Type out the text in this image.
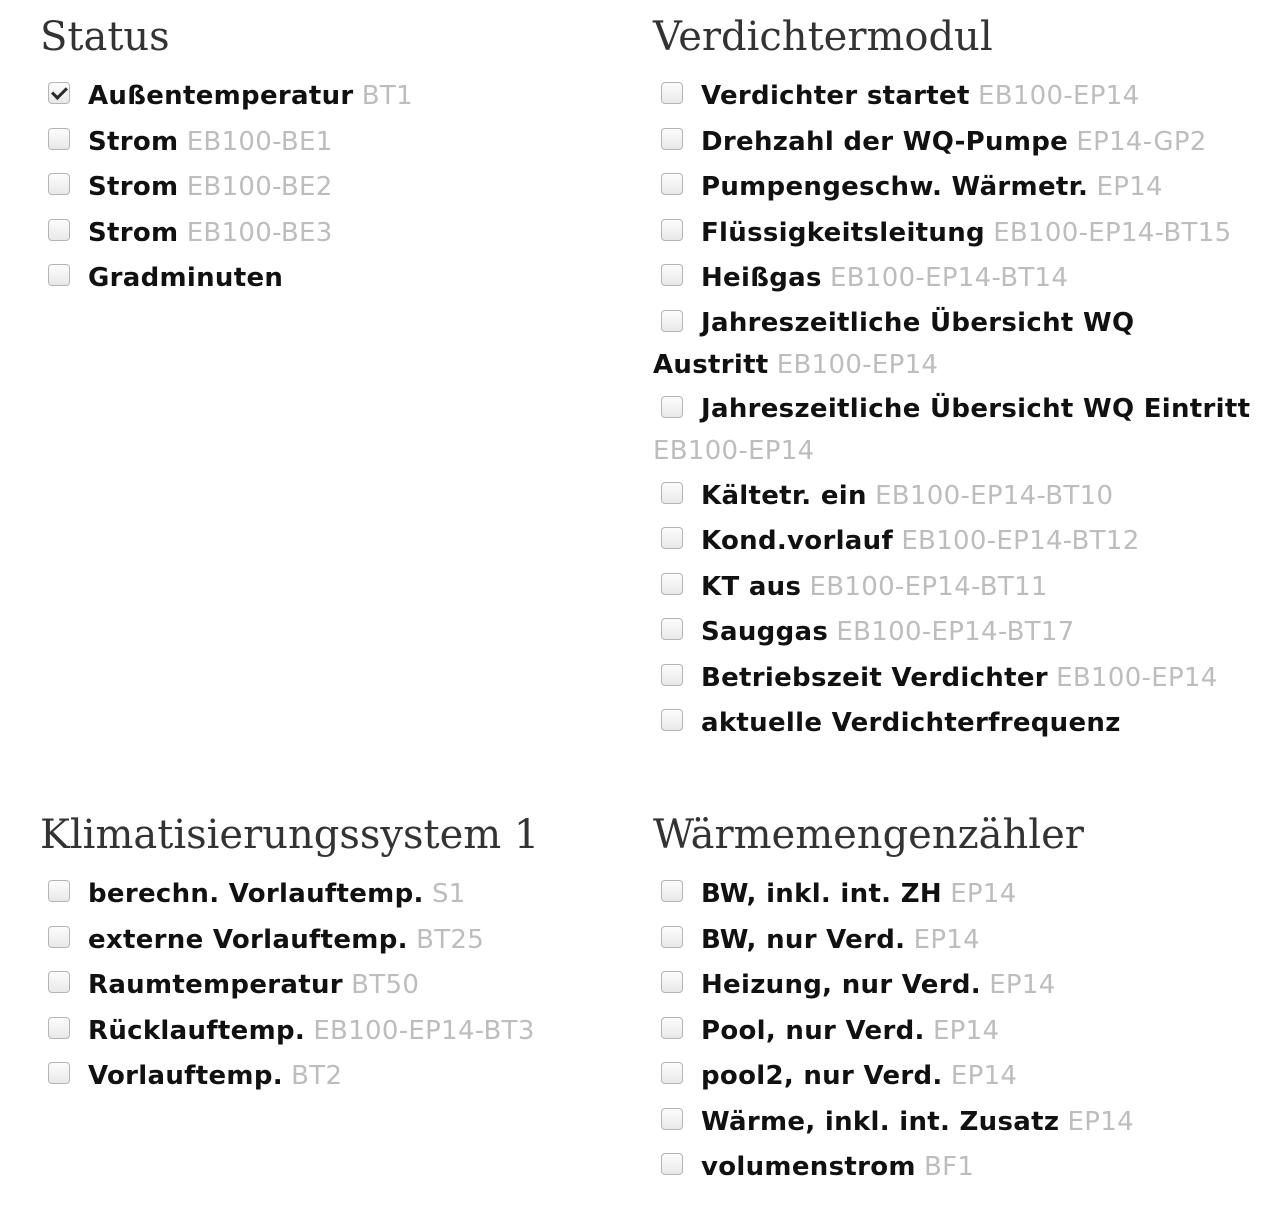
Status
Außentemperatur BT1
Strom EB100-BE1
Strom EB100-BE2
Strom EB100-BE3
Gradminuten
Verdichtermodul
Verdichter startet EB100-EP14
Drehzahl der WQ-Pumpe EP14-GP2
Pumpengeschw. Wärmetr. EP14
Flüssigkeitsleitung EB100-EP14-BT15
Heißgas EB100-EP14-BT14
Jahreszeitliche Übersicht WQ Austritt EB100-EP14
Jahreszeitliche Übersicht WQ Eintritt EB100-EP14
Kältetr. ein EB100-EP14-BT10
Kond.vorlauf EB100-EP14-BT12
KT aus EB100-EP14-BT11
Sauggas EB100-EP14-BT17
Betriebszeit Verdichter EB100-EP14
aktuelle Verdichterfrequenz
Klimatisierungssystem 1
berechn. Vorlauftemp. S1
externe Vorlauftemp. BT25
Raumtemperatur BT50
Rücklauftemp. EB100-EP14-BT3
Vorlauftemp. BT2
Wärmemengenzähler
BW, inkl. int. ZH EP14
BW, nur Verd. EP14
Heizung, nur Verd. EP14
Pool, nur Verd. EP14
pool2, nur Verd. EP14
Wärme, inkl. int. Zusatz EP14
volumenstrom BF1
